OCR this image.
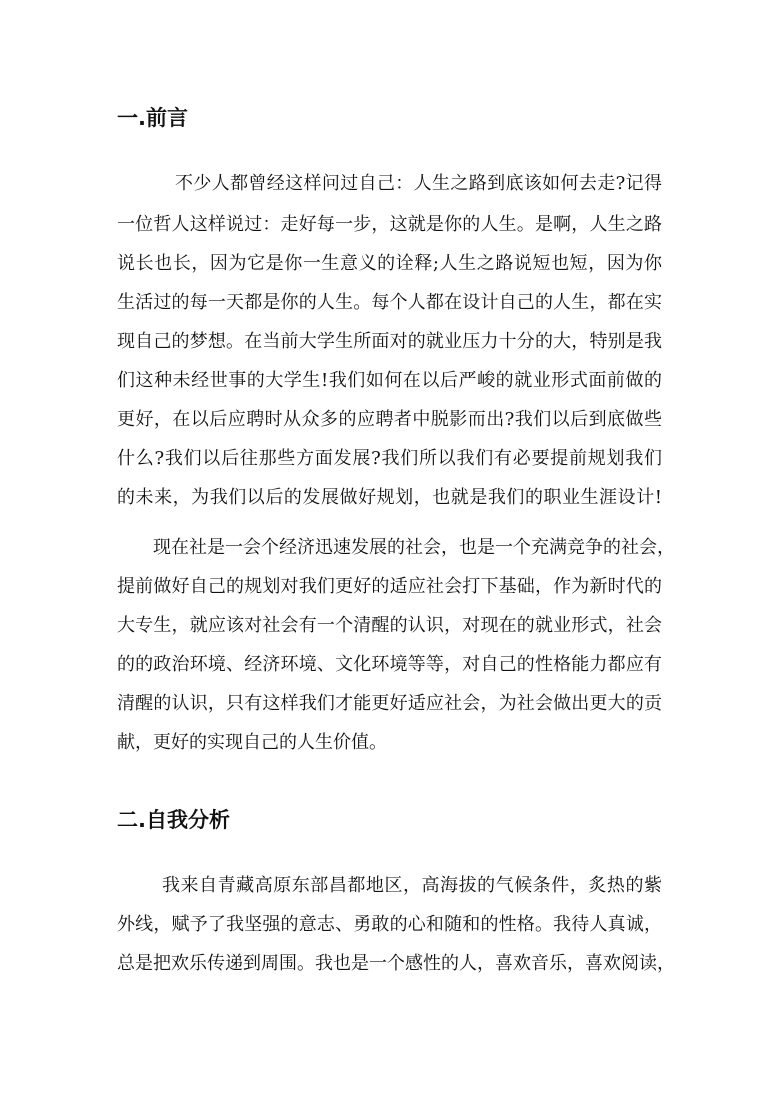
一.前言

不少人都曾经这样问过自己：人生之路到底该如何去走?记得

一位哲人这样说过：走好每一步，这就是你的人生。是啊，人生之路

说长也长，因为它是你一生意义的诠释;人生之路说短也短，因为你

生活过的每一天都是你的人生。每个人都在设计自己的人生，都在实

现自己的梦想。在当前大学生所面对的就业压力十分的大，特别是我

们这种未经世事的大学生!我们如何在以后严峻的就业形式面前做的

更好，在以后应聘时从众多的应聘者中脱影而出?我们以后到底做些

什么?我们以后往那些方面发展?我们所以我们有必要提前规划我们

的未来，为我们以后的发展做好规划，也就是我们的职业生涯设计!

现在社是一会个经济迅速发展的社会，也是一个充满竞争的社会，

提前做好自己的规划对我们更好的适应社会打下基础，作为新时代的

大专生，就应该对社会有一个清醒的认识，对现在的就业形式，社会

的的政治环境、经济环境、文化环境等等，对自己的性格能力都应有

清醒的认识，只有这样我们才能更好适应社会，为社会做出更大的贡

献，更好的实现自己的人生价值。

二.自我分析

我来自青藏高原东部昌都地区，高海拔的气候条件，炙热的紫

外线，赋予了我坚强的意志、勇敢的心和随和的性格。我待人真诚，

总是把欢乐传递到周围。我也是一个感性的人，喜欢音乐，喜欢阅读，
